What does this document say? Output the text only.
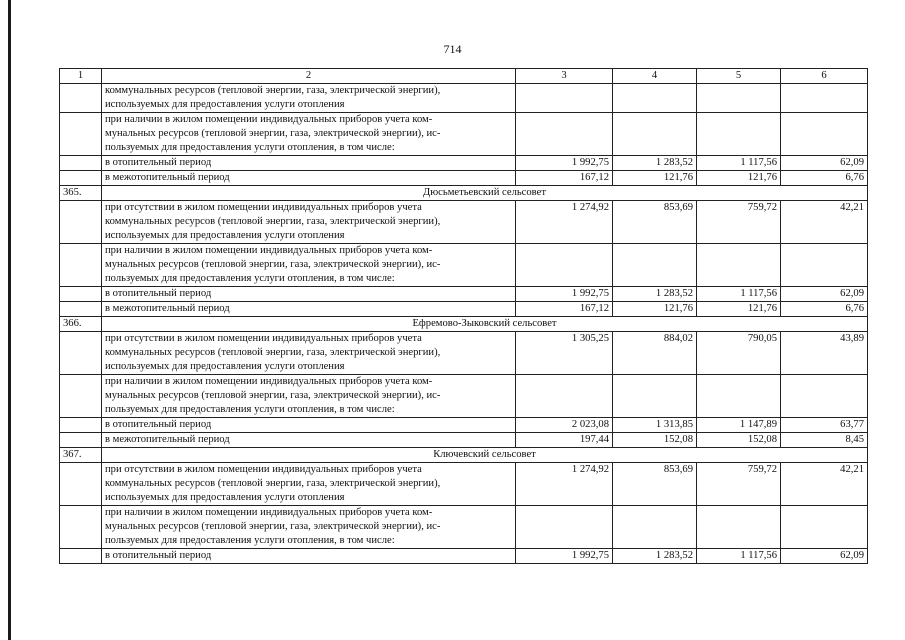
714
1	2	3	4	5	6

	коммунальных ресурсов (тепловой энергии, газа, электрической энергии),
используемых для предоставления услуги отопления				

	при наличии в жилом помещении индивидуальных приборов учета ком-
мунальных ресурсов (тепловой энергии, газа, электрической энергии), ис-
пользуемых для предоставления услуги отопления, в том числе:				

	в отопительный период	1 992,75	1 283,52	1 117,56	62,09

	в межотопительный период	167,12	121,76	121,76	6,76
365.	Дюсьметьевский сельсовет				

	при отсутствии в жилом помещении индивидуальных приборов учета
коммунальных ресурсов (тепловой энергии, газа, электрической энергии),
используемых для предоставления услуги отопления	1 274,92	853,69	759,72	42,21

	при наличии в жилом помещении индивидуальных приборов учета ком-
мунальных ресурсов (тепловой энергии, газа, электрической энергии), ис-
пользуемых для предоставления услуги отопления, в том числе:				

	в отопительный период	1 992,75	1 283,52	1 117,56	62,09

	в межотопительный период	167,12	121,76	121,76	6,76
366.	Ефремово-Зыковский сельсовет				

	при отсутствии в жилом помещении индивидуальных приборов учета
коммунальных ресурсов (тепловой энергии, газа, электрической энергии),
используемых для предоставления услуги отопления	1 305,25	884,02	790,05	43,89

	при наличии в жилом помещении индивидуальных приборов учета ком-
мунальных ресурсов (тепловой энергии, газа, электрической энергии), ис-
пользуемых для предоставления услуги отопления, в том числе:				

	в отопительный период	2 023,08	1 313,85	1 147,89	63,77

	в межотопительный период	197,44	152,08	152,08	8,45
367.	Ключевский сельсовет				

	при отсутствии в жилом помещении индивидуальных приборов учета
коммунальных ресурсов (тепловой энергии, газа, электрической энергии),
используемых для предоставления услуги отопления	1 274,92	853,69	759,72	42,21

	при наличии в жилом помещении индивидуальных приборов учета ком-
мунальных ресурсов (тепловой энергии, газа, электрической энергии), ис-
пользуемых для предоставления услуги отопления, в том числе:				

	в отопительный период	1 992,75	1 283,52	1 117,56	62,09
